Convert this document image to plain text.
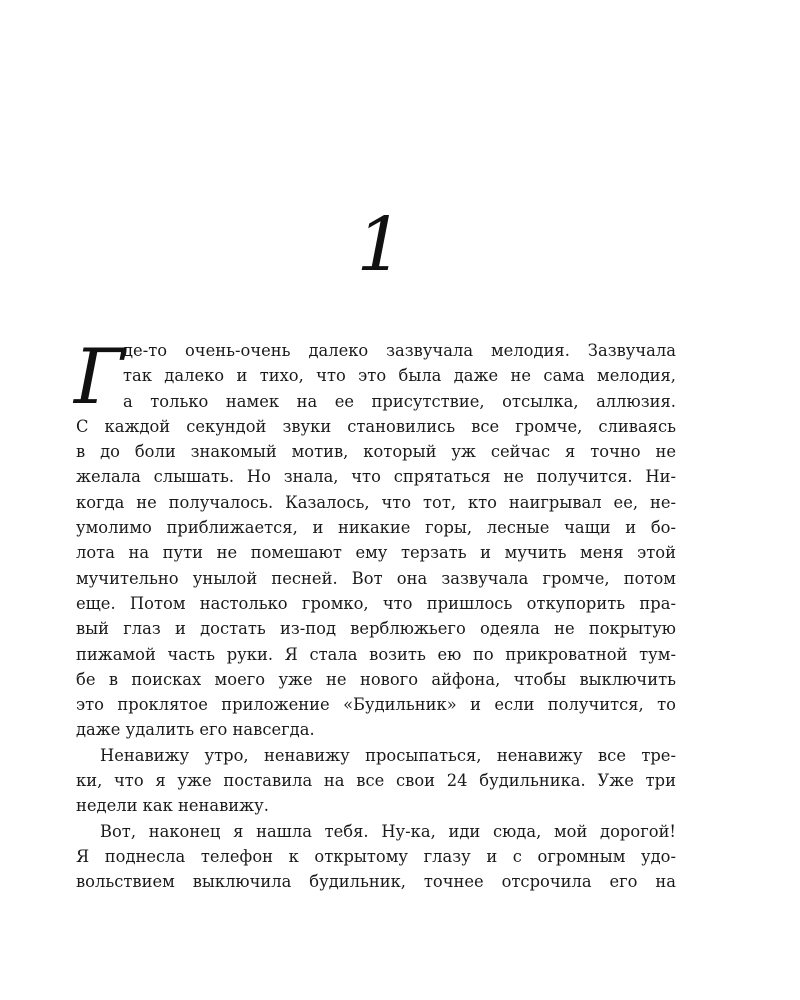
1
Г
де-то очень-очень далеко зазвучала мелодия. Зазвучала
так далеко и тихо, что это была даже не сама мелодия,
а только намек на ее присутствие, отсылка, аллюзия.
С каждой секундой звуки становились все громче, сливаясь
в до боли знакомый мотив, который уж сейчас я точно не
желала слышать. Но знала, что спрятаться не получится. Ни-
когда не получалось. Казалось, что тот, кто наигрывал ее, не-
умолимо приближается, и никакие горы, лесные чащи и бо-
лота на пути не помешают ему терзать и мучить меня этой
мучительно унылой песней. Вот она зазвучала громче, потом
еще. Потом настолько громко, что пришлось откупорить пра-
вый глаз и достать из-под верблюжьего одеяла не покрытую
пижамой часть руки. Я стала возить ею по прикроватной тум-
бе в поисках моего уже не нового айфона, чтобы выключить
это проклятое приложение «Будильник» и если получится, то
даже удалить его навсегда.
Ненавижу утро, ненавижу просыпаться, ненавижу все тре-
ки, что я уже поставила на все свои 24 будильника. Уже три
недели как ненавижу.
Вот, наконец я нашла тебя. Ну-ка, иди сюда, мой дорогой!
Я поднесла телефон к открытому глазу и с огромным удо-
вольствием выключила будильник, точнее отсрочила его на
